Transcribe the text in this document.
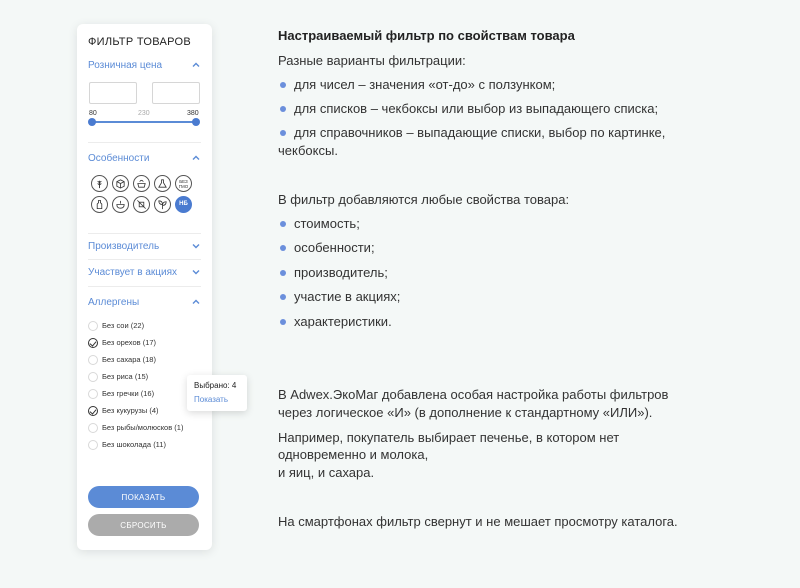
ФИЛЬТР ТОВАРОВ
Розничная цена
80	230	380
Особенности
БЕЗ ГМО
НБ
Производитель
Участвует в акциях
Аллергены
Без сои (22)
Без орехов (17)
Без сахара (18)
Без риса (15)
Без гречки (16)
Без кукурузы (4)
Без рыбы/молюсков (1)
Без шоколада (11)
ПОКАЗАТЬ
СБРОСИТЬ
Выбрано: 4
Показать
Настраиваемый фильтр по свойствам товара
Разные варианты фильтрации:
для чисел – значения «от-до» с ползунком;
для списков – чекбоксы или выбор из выпадающего списка;
для справочников – выпадающие списки, выбор по картинке,
чекбоксы.
В фильтр добавляются любые свойства товара:
стоимость;
особенности;
производитель;
участие в акциях;
характеристики.
В Adwex.ЭкоМаг добавлена особая настройка работы фильтров
через логическое «И» (в дополнение к стандартному «ИЛИ»).
Например, покупатель выбирает печенье, в котором нет
одновременно и молока,
и яиц, и сахара.
На смартфонах фильтр свернут и не мешает просмотру каталога.
